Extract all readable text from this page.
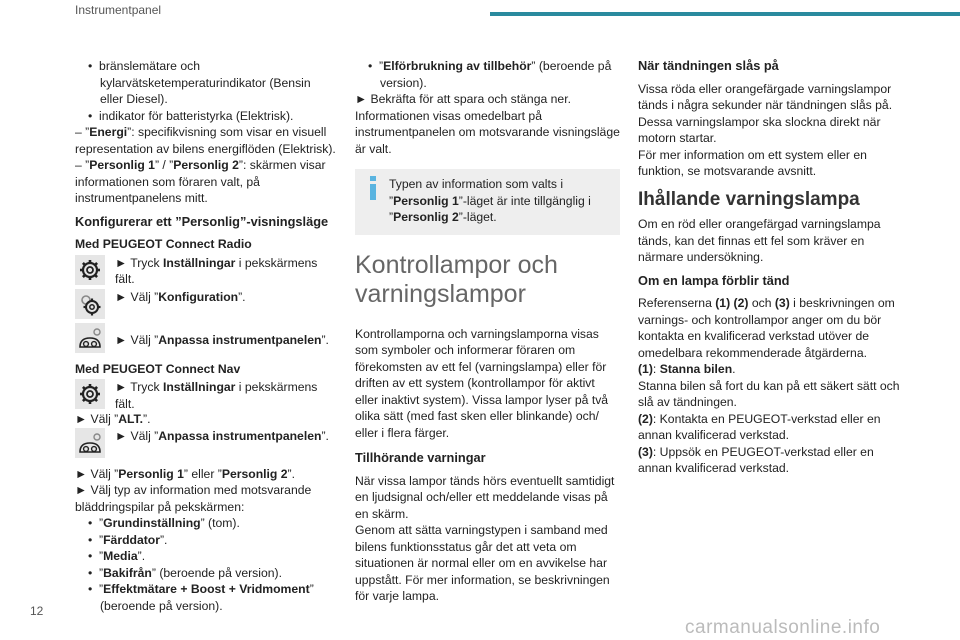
Instrumentpanel

•  bränslemätare och kylarvätsketemperaturindikator (Bensin eller Diesel).

•  indikator för batteristyrka (Elektrisk).

– ”Energi”: specifikvisning som visar en visuell representation av bilens energiflöden (Elektrisk).

– ”Personlig 1” / ”Personlig 2”: skärmen visar informationen som föraren valt, på instrumentpanelens mitt.

Konfigurerar ett ”Personlig”-visningsläge
Med PEUGEOT Connect Radio

► Tryck Inställningar i pekskärmens fält.

► Välj ”Konfiguration”.

► Välj ”Anpassa instrumentpanelen”.

Med PEUGEOT Connect Nav

► Tryck Inställningar i pekskärmens fält.

► Välj ”ALT.”.

► Välj ”Anpassa instrumentpanelen”.

► Välj ”Personlig 1” eller ”Personlig 2”.

► Välj typ av information med motsvarande bläddringspilar på pekskärmen:

•  ”Grundinställning” (tom).

•  ”Färddator”.

•  ”Media”.

•  ”Bakifrån” (beroende på version).

•  ”Effektmätare + Boost + Vridmoment” (beroende på version).

•  ”Elförbrukning av tillbehör” (beroende på version).

► Bekräfta för att spara och stänga ner.

Informationen visas omedelbart på instrumentpanelen om motsvarande visningsläge är valt.

Typen av information som valts i ”Personlig 1”-läget är inte tillgänglig i ”Personlig 2”-läget.

Kontrollampor och varningslampor

Kontrollamporna och varningslamporna visas som symboler och informerar föraren om förekomsten av ett fel (varningslampa) eller för driften av ett system (kontrollampor för aktivt eller inaktivt system). Vissa lampor lyser på två olika sätt (med fast sken eller blinkande) och/ eller i flera färger.

Tillhörande varningar

När vissa lampor tänds hörs eventuellt samtidigt en ljudsignal och/eller ett meddelande visas på en skärm.

Genom att sätta varningstypen i samband med bilens funktionsstatus går det att veta om situationen är normal eller om en avvikelse har uppstått. För mer information, se beskrivningen för varje lampa.

När tändningen slås på

Vissa röda eller orangefärgade varningslampor tänds i några sekunder när tändningen slås på. Dessa varningslampor ska slockna direkt när motorn startar.

För mer information om ett system eller en funktion, se motsvarande avsnitt.

Ihållande varningslampa

Om en röd eller orangefärgad varningslampa tänds, kan det finnas ett fel som kräver en närmare undersökning.

Om en lampa förblir tänd

Referenserna (1) (2) och (3) i beskrivningen om varnings- och kontrollampor anger om du bör kontakta en kvalificerad verkstad utöver de omedelbara rekommenderade åtgärderna.

(1): Stanna bilen.

Stanna bilen så fort du kan på ett säkert sätt och slå av tändningen.

(2): Kontakta en PEUGEOT-verkstad eller en annan kvalificerad verkstad.

(3): Uppsök en PEUGEOT-verkstad eller en annan kvalificerad verkstad.

12
carmanualsonline.info
